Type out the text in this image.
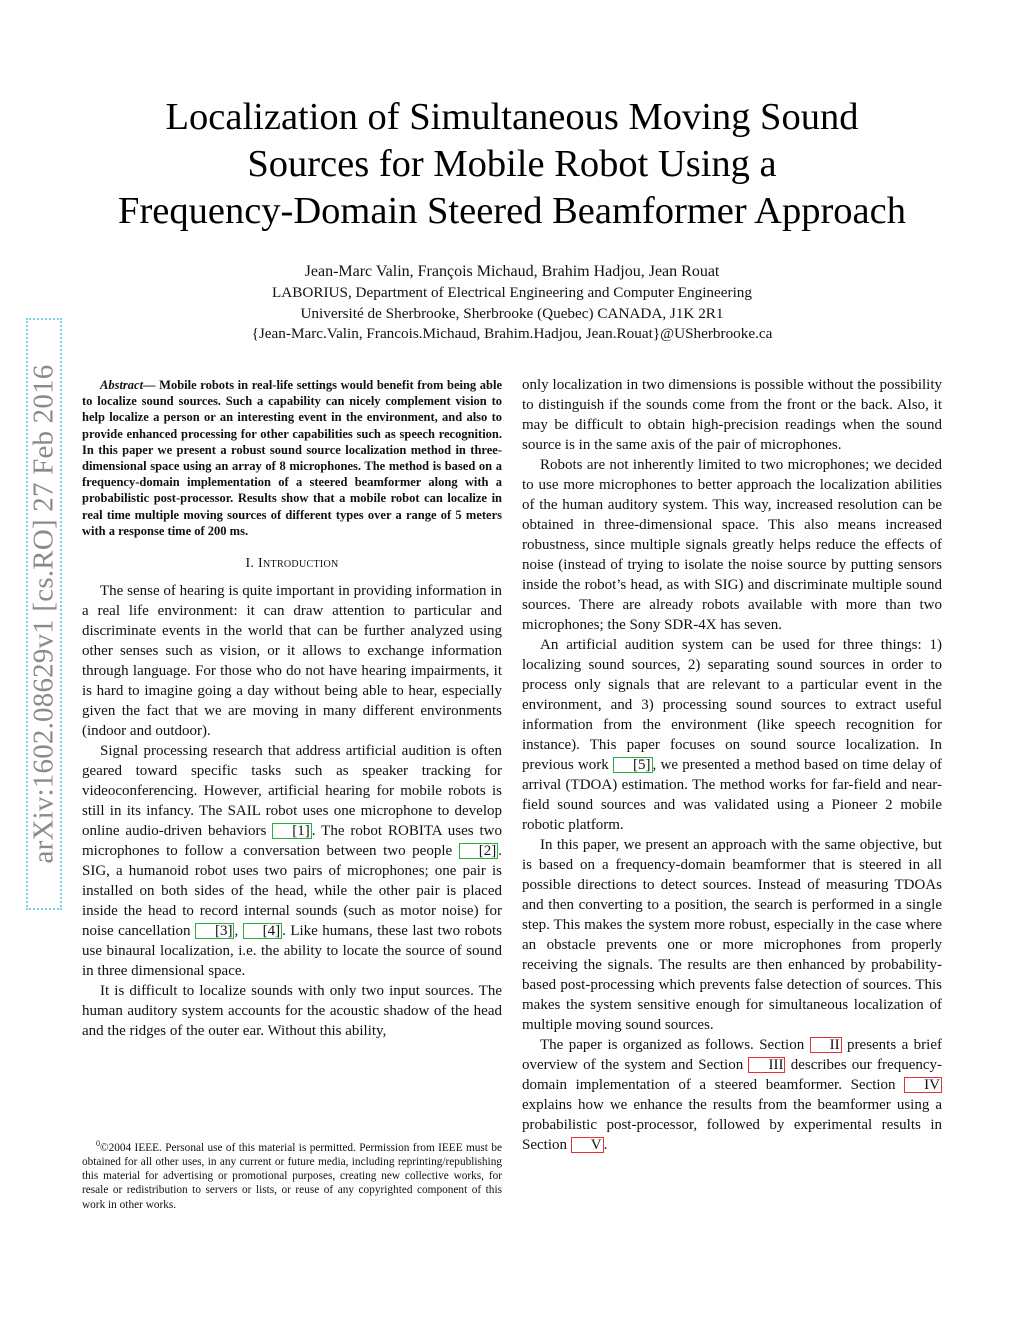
arXiv:1602.08629v1 [cs.RO] 27 Feb 2016
Localization of Simultaneous Moving Sound
Sources for Mobile Robot Using a
Frequency-Domain Steered Beamformer Approach
Jean-Marc Valin, François Michaud, Brahim Hadjou, Jean Rouat
LABORIUS, Department of Electrical Engineering and Computer Engineering
Université de Sherbrooke, Sherbrooke (Quebec) CANADA, J1K 2R1
{Jean-Marc.Valin, Francois.Michaud, Brahim.Hadjou, Jean.Rouat}@USherbrooke.ca

Abstract— Mobile robots in real-life settings would benefit from being able to localize sound sources. Such a capability can nicely complement vision to help localize a person or an interesting event in the environment, and also to provide enhanced processing for other capabilities such as speech recognition. In this paper we present a robust sound source localization method in three-dimensional space using an array of 8 microphones. The method is based on a frequency-domain implementation of a steered beamformer along with a probabilistic post-processor. Results show that a mobile robot can localize in real time multiple moving sources of different types over a range of 5 meters with a response time of 200 ms.

I. Introduction

The sense of hearing is quite important in providing information in a real life environment: it can draw attention to particular and discriminate events in the world that can be further analyzed using other senses such as vision, or it allows to exchange information through language. For those who do not have hearing impairments, it is hard to imagine going a day without being able to hear, especially given the fact that we are moving in many different environments (indoor and outdoor).

Signal processing research that address artificial audition is often geared toward specific tasks such as speaker tracking for videoconferencing. However, artificial hearing for mobile robots is still in its infancy. The SAIL robot uses one microphone to develop online audio-driven behaviors [1] . The robot ROBITA uses two microphones to follow a conversation between two people [2] . SIG, a humanoid robot uses two pairs of microphones; one pair is installed on both sides of the head, while the other pair is placed inside the head to record internal sounds (such as motor noise) for noise cancellation [3] , [4] . Like humans, these last two robots use binaural localization, i.e. the ability to locate the source of sound in three dimensional space.

It is difficult to localize sounds with only two input sources. The human auditory system accounts for the acoustic shadow of the head and the ridges of the outer ear. Without this ability,

only localization in two dimensions is possible without the possibility to distinguish if the sounds come from the front or the back. Also, it may be difficult to obtain high-precision readings when the sound source is in the same axis of the pair of microphones.

Robots are not inherently limited to two microphones; we decided to use more microphones to better approach the localization abilities of the human auditory system. This way, increased resolution can be obtained in three-dimensional space. This also means increased robustness, since multiple signals greatly helps reduce the effects of noise (instead of trying to isolate the noise source by putting sensors inside the robot’s head, as with SIG) and discriminate multiple sound sources. There are already robots available with more than two microphones; the Sony SDR-4X has seven.

An artificial audition system can be used for three things: 1) localizing sound sources, 2) separating sound sources in order to process only signals that are relevant to a particular event in the environment, and 3) processing sound sources to extract useful information from the environment (like speech recognition for instance). This paper focuses on sound source localization. In previous work [5] , we presented a method based on time delay of arrival (TDOA) estimation. The method works for far-field and near-field sound sources and was validated using a Pioneer 2 mobile robotic platform.

In this paper, we present an approach with the same objective, but is based on a frequency-domain beamformer that is steered in all possible directions to detect sources. Instead of measuring TDOAs and then converting to a position, the search is performed in a single step. This makes the system more robust, especially in the case where an obstacle prevents one or more microphones from properly receiving the signals. The results are then enhanced by probability-based post-processing which prevents false detection of sources. This makes the system sensitive enough for simultaneous localization of multiple moving sound sources.

The paper is organized as follows. Section II presents a brief overview of the system and Section III describes our frequency-domain implementation of a steered beamformer. Section IV explains how we enhance the results from the beamformer using a probabilistic post-processor, followed by experimental results in Section V .

$^0$©2004 IEEE. Personal use of this material is permitted. Permission from IEEE must be obtained for all other uses, in any current or future media, including reprinting/republishing this material for advertising or promotional purposes, creating new collective works, for resale or redistribution to servers or lists, or reuse of any copyrighted component of this work in other works.
